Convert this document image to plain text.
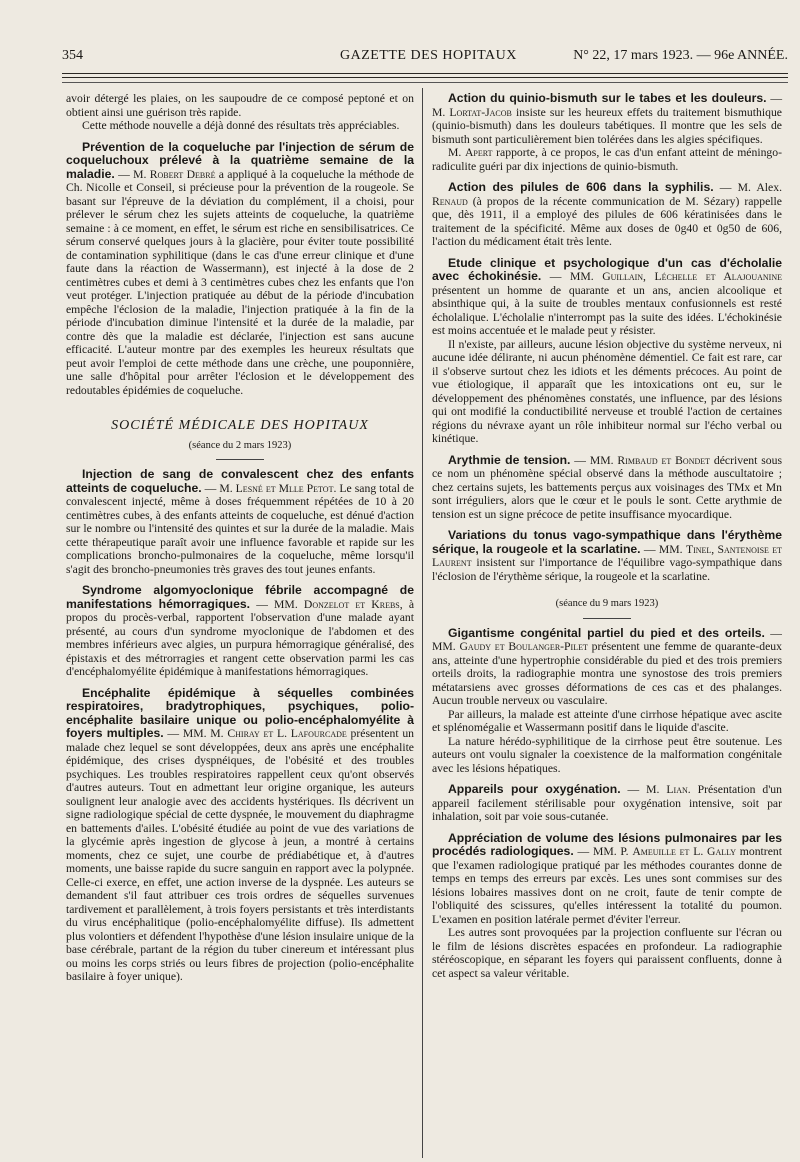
354	GAZETTE DES HOPITAUX	N° 22, 17 mars 1923. — 96e ANNÉE.

avoir détergé les plaies, on les saupoudre de ce composé peptoné et on obtient ainsi une guérison très rapide.

Cette méthode nouvelle a déjà donné des résultats très appréciables.

Prévention de la coqueluche par l'injection de sérum de coqueluchoux prélevé à la quatrième semaine de la maladie. — M. Robert Debré a appliqué à la coqueluche la méthode de Ch. Nicolle et Conseil, si précieuse pour la prévention de la rougeole. Se basant sur l'épreuve de la déviation du complément, il a choisi, pour prélever le sérum chez les sujets atteints de coqueluche, la quatrième semaine : à ce moment, en effet, le sérum est riche en sensibilisatrices. Ce sérum conservé quelques jours à la glacière, pour éviter toute possibilité de contamination syphilitique (dans le cas d'une erreur clinique et d'une faute dans la réaction de Wassermann), est injecté à la dose de 2 centimètres cubes et demi à 3 centimètres cubes chez les enfants que l'on veut protéger. L'injection pratiquée au début de la période d'incubation empêche l'éclosion de la maladie, l'injection pratiquée à la fin de la période d'incubation diminue l'intensité et la durée de la maladie, par contre dès que la maladie est déclarée, l'injection est sans aucune efficacité. L'auteur montre par des exemples les heureux résultats que peut avoir l'emploi de cette méthode dans une crèche, une pouponnière, une salle d'hôpital pour arrêter l'éclosion et le développement des redoutables épidémies de coqueluche.

SOCIÉTÉ MÉDICALE DES HOPITAUX
(séance du 2 mars 1923)

Injection de sang de convalescent chez des enfants atteints de coqueluche. — M. Lesné et Mlle Petot. Le sang total de convalescent injecté, même à doses fréquemment répétées de 10 à 20 centimètres cubes, à des enfants atteints de coqueluche, est dénué d'action sur le nombre ou l'intensité des quintes et sur la durée de la maladie. Mais cette thérapeutique paraît avoir une influence favorable et rapide sur les complications broncho-pulmonaires de la coqueluche, même lorsqu'il s'agit des broncho-pneumonies très graves des tout jeunes enfants.

Syndrome algomyoclonique fébrile accompagné de manifestations hémorragiques. — MM. Donzelot et Krebs, à propos du procès-verbal, rapportent l'observation d'une malade ayant présenté, au cours d'un syndrome myoclonique de l'abdomen et des membres inférieurs avec algies, un purpura hémorragique généralisé, des épistaxis et des métrorragies et rangent cette observation parmi les cas d'encéphalomyélite épidémique à manifestations hémorragiques.

Encéphalite épidémique à séquelles combinées respiratoires, bradytrophiques, psychiques, polio-encéphalite basilaire unique ou polio-encéphalomyélite à foyers multiples. — MM. M. Chiray et L. Lafourcade présentent un malade chez lequel se sont développées, deux ans après une encéphalite épidémique, des crises dyspnéiques, de l'obésité et des troubles psychiques. Les troubles respiratoires rappellent ceux qu'ont observés d'autres auteurs. Tout en admettant leur origine organique, les auteurs soulignent leur analogie avec des accidents hystériques. Ils décrivent un signe radiologique spécial de cette dyspnée, le mouvement du diaphragme en battements d'ailes. L'obésité étudiée au point de vue des variations de la glycémie après ingestion de glycose à jeun, a montré à certains moments, chez ce sujet, une courbe de prédiabétique et, à d'autres moments, une baisse rapide du sucre sanguin en rapport avec la polypnée. Celle-ci exerce, en effet, une action inverse de la dyspnée. Les auteurs se demandent s'il faut attribuer ces trois ordres de séquelles survenues tardivement et parallèlement, à trois foyers persistants et très interdistants du virus encéphalitique (polio-encéphalomyélite diffuse). Ils admettent plus volontiers et défendent l'hypothèse d'une lésion insulaire unique de la base cérébrale, partant de la région du tuber cinereum et intéressant plus ou moins les corps striés ou leurs fibres de projection (polio-encéphalite basilaire à foyer unique).

Action du quinio-bismuth sur le tabes et les douleurs. — M. Lortat-Jacob insiste sur les heureux effets du traitement bismuthique (quinio-bismuth) dans les douleurs tabétiques. Il montre que les sels de bismuth sont particulièrement bien tolérées dans les algies spécifiques.

M. Apert rapporte, à ce propos, le cas d'un enfant atteint de méningo-radiculite guéri par dix injections de quinio-bismuth.

Action des pilules de 606 dans la syphilis. — M. Alex. Renaud (à propos de la récente communication de M. Sézary) rappelle que, dès 1911, il a employé des pilules de 606 kératinisées dans le traitement de la spécificité. Même aux doses de 0g40 et 0g50 de 606, l'action du médicament était très lente.

Etude clinique et psychologique d'un cas d'écholalie avec échokinésie. — MM. Guillain, Léchelle et Alajouanine présentent un homme de quarante et un ans, ancien alcoolique et absinthique qui, à la suite de troubles mentaux confusionnels est resté écholalique. L'écholalie n'interrompt pas la suite des idées. L'échokinésie est moins accentuée et le malade peut y résister.

Il n'existe, par ailleurs, aucune lésion objective du système nerveux, ni aucune idée délirante, ni aucun phénomène démentiel. Ce fait est rare, car il s'observe surtout chez les idiots et les déments précoces. Au point de vue étiologique, il apparaît que les intoxications ont eu, sur le développement des phénomènes constatés, une influence, par des lésions qui ont modifié la conductibilité nerveuse et troublé l'action de certaines régions du névraxe ayant un rôle inhibiteur normal sur l'écho verbal ou kinétique.

Arythmie de tension. — MM. Rimbaud et Bondet décrivent sous ce nom un phénomène spécial observé dans la méthode auscultatoire ; chez certains sujets, les battements perçus aux voisinages des TMx et Mn sont irréguliers, alors que le cœur et le pouls le sont. Cette arythmie de tension est un signe précoce de petite insuffisance myocardique.

Variations du tonus vago-sympathique dans l'érythème sérique, la rougeole et la scarlatine. — MM. Tinel, Santenoise et Laurent insistent sur l'importance de l'équilibre vago-sympathique dans l'éclosion de l'érythème sérique, la rougeole et la scarlatine.

(séance du 9 mars 1923)

Gigantisme congénital partiel du pied et des orteils. — MM. Gaudy et Boulanger-Pilet présentent une femme de quarante-deux ans, atteinte d'une hypertrophie considérable du pied et des trois premiers orteils droits, la radiographie montra une synostose des trois premiers métatarsiens avec grosses déformations de ces cas et des phalanges. Aucun trouble nerveux ou vasculaire.

Par ailleurs, la malade est atteinte d'une cirrhose hépatique avec ascite et splénomégalie et Wassermann positif dans le liquide d'ascite.

La nature hérédo-syphilitique de la cirrhose peut être soutenue. Les auteurs ont voulu signaler la coexistence de la malformation congénitale avec les lésions hépatiques.

Appareils pour oxygénation. — M. Lian. Présentation d'un appareil facilement stérilisable pour oxygénation intensive, soit par inhalation, soit par voie sous-cutanée.

Appréciation de volume des lésions pulmonaires par les procédés radiologiques. — MM. P. Ameuille et L. Gally montrent que l'examen radiologique pratiqué par les méthodes courantes donne de temps en temps des erreurs par excès. Les unes sont commises sur des lésions lobaires massives dont on ne croit, faute de tenir compte de l'obliquité des scissures, qu'elles intéressent la totalité du poumon. L'examen en position latérale permet d'éviter l'erreur.

Les autres sont provoquées par la projection confluente sur l'écran ou le film de lésions discrètes espacées en profondeur. La radiographie stéréoscopique, en séparant les foyers qui paraissent confluents, donne à cet aspect sa valeur véritable.
